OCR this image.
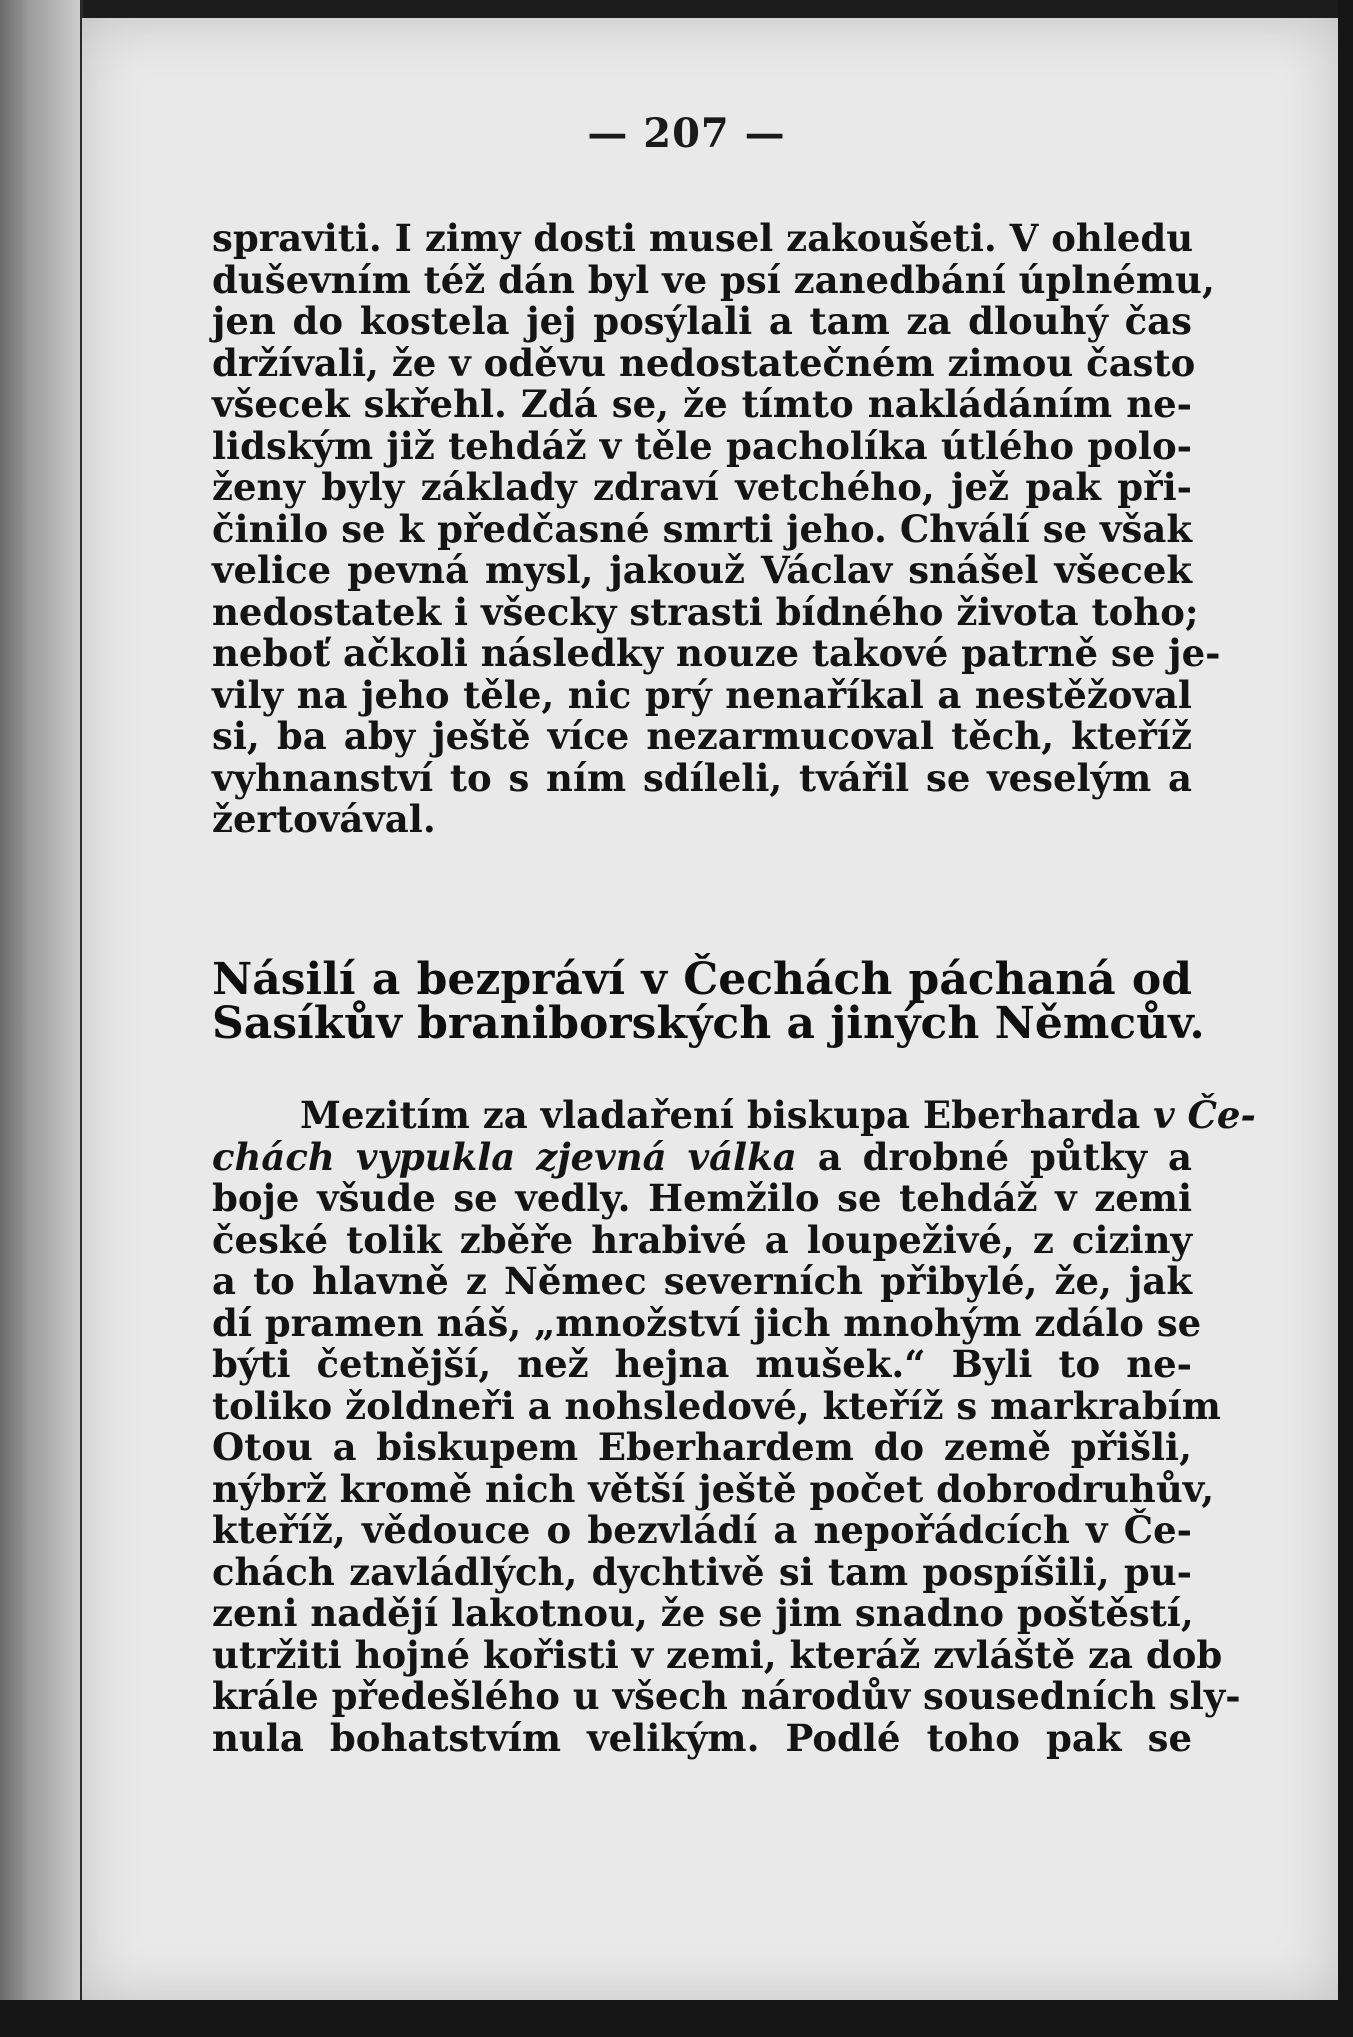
— 207 —
spraviti. I zimy dosti musel zakoušeti. V ohledu
duševním též dán byl ve psí zanedbání úplnému,
jen do kostela jej posýlali a tam za dlouhý čas
držívali, že v oděvu nedostatečném zimou často
všecek skřehl. Zdá se, že tímto nakládáním ne-
lidským již tehdáž v těle pacholíka útlého polo-
ženy byly základy zdraví vetchého, jež pak při-
činilo se k předčasné smrti jeho. Chválí se však
velice pevná mysl, jakouž Václav snášel všecek
nedostatek i všecky strasti bídného života toho;
neboť ačkoli následky nouze takové patrně se je-
vily na jeho těle, nic prý nenaříkal a nestěžoval
si, ba aby ještě více nezarmucoval těch, kteříž
vyhnanství to s ním sdíleli, tvářil se veselým a
žertovával.
Násilí a bezpráví v Čechách páchaná od
Sasíkův braniborských a jiných Němcův.
Mezitím za vladaření biskupa Eberharda v Če-
chách vypukla zjevná válka a drobné půtky a
boje všude se vedly. Hemžilo se tehdáž v zemi
české tolik zběře hrabivé a loupeživé, z ciziny
a to hlavně z Němec severních přibylé, že, jak
dí pramen náš, „množství jich mnohým zdálo se
býti četnější, než hejna mušek.“ Byli to ne-
toliko žoldneři a nohsledové, kteříž s markrabím
Otou a biskupem Eberhardem do země přišli,
nýbrž kromě nich větší ještě počet dobrodruhův,
kteříž, vědouce o bezvládí a nepořádcích v Če-
chách zavládlých, dychtivě si tam pospíšili, pu-
zeni nadějí lakotnou, že se jim snadno poštěstí,
utržiti hojné kořisti v zemi, kteráž zvláště za dob
krále předešlého u všech národův sousedních sly-
nula bohatstvím velikým. Podlé toho pak se
